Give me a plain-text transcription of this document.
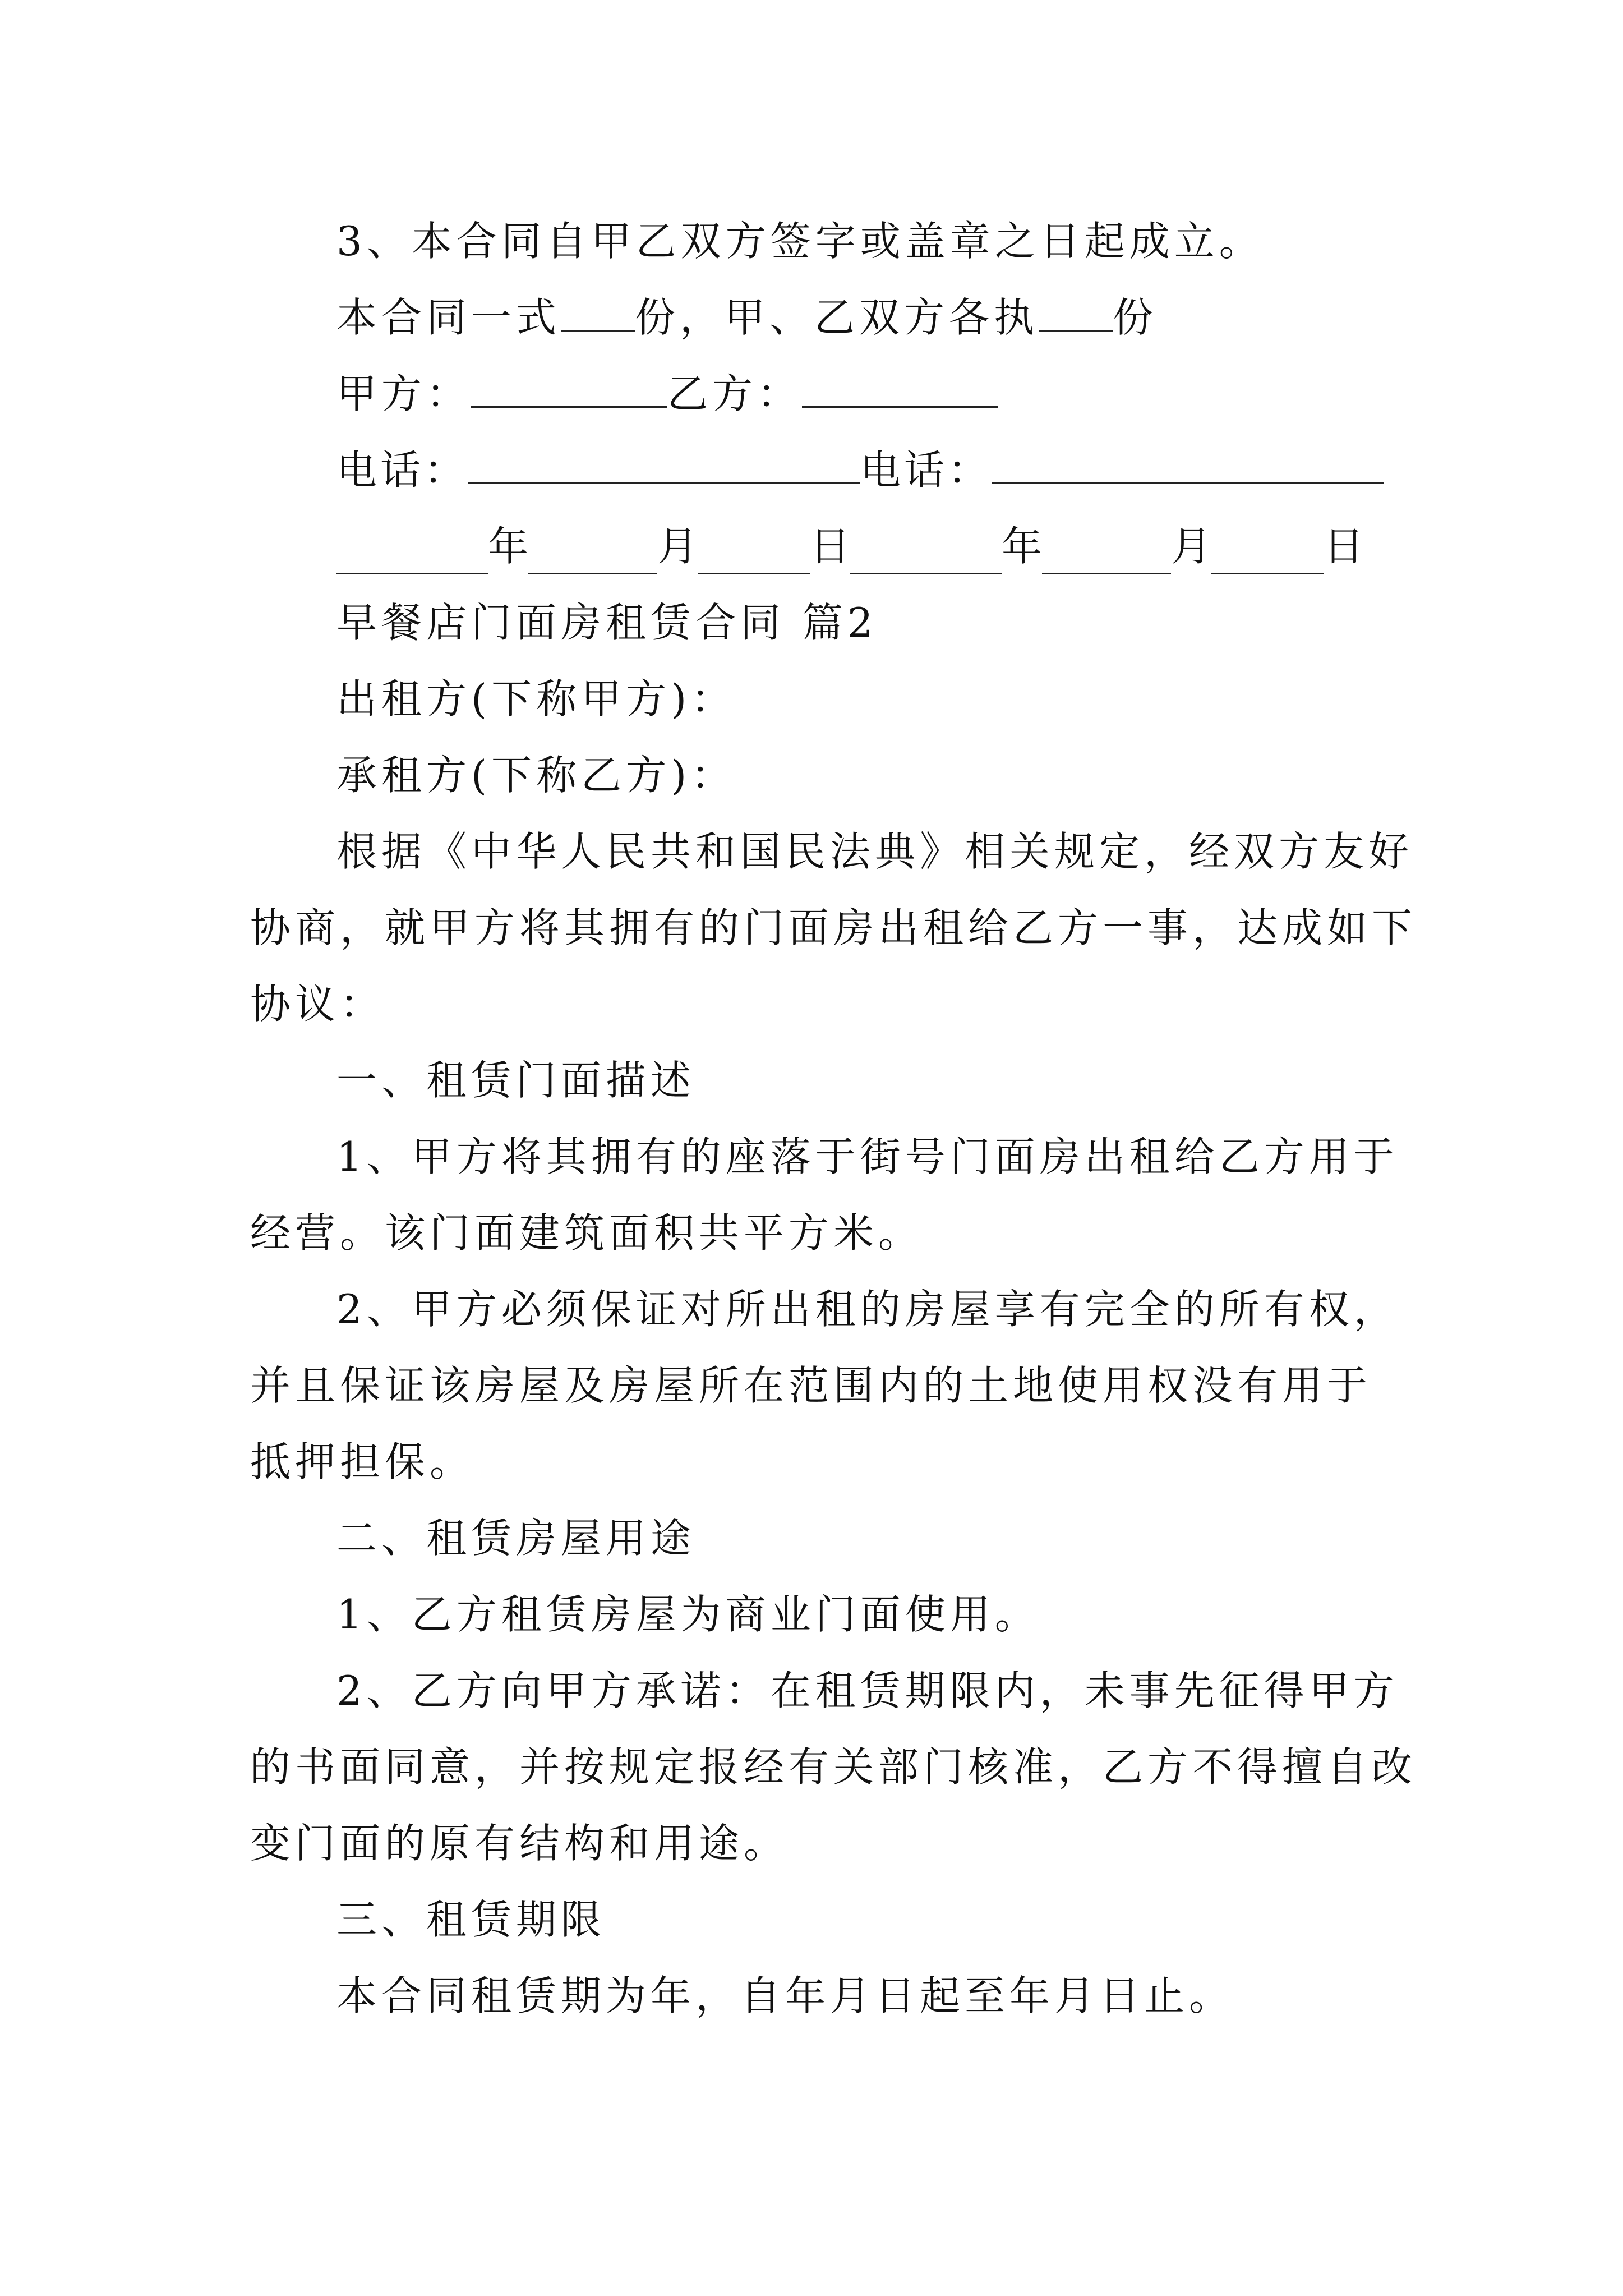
3、本合同自甲乙双方签字或盖章之日起成立。
本合同一式 份，甲、乙双方各执 份
甲方：	乙方：
电话：	电话：
年	月	日	年	月	日
早餐店门面房租赁合同 篇2
出租方(下称甲方)：
承租方(下称乙方)：
根据《中华人民共和国民法典》相关规定，经双方友好
协商，就甲方将其拥有的门面房出租给乙方一事，达成如下
协议：
一、租赁门面描述
1、甲方将其拥有的座落于街号门面房出租给乙方用于
经营。该门面建筑面积共平方米。
2、甲方必须保证对所出租的房屋享有完全的所有权，
并且保证该房屋及房屋所在范围内的土地使用权没有用于
抵押担保。
二、租赁房屋用途
1、乙方租赁房屋为商业门面使用。
2、乙方向甲方承诺：在租赁期限内，未事先征得甲方
的书面同意，并按规定报经有关部门核准，乙方不得擅自改
变门面的原有结构和用途。
三、租赁期限
本合同租赁期为年，自年月日起至年月日止。
